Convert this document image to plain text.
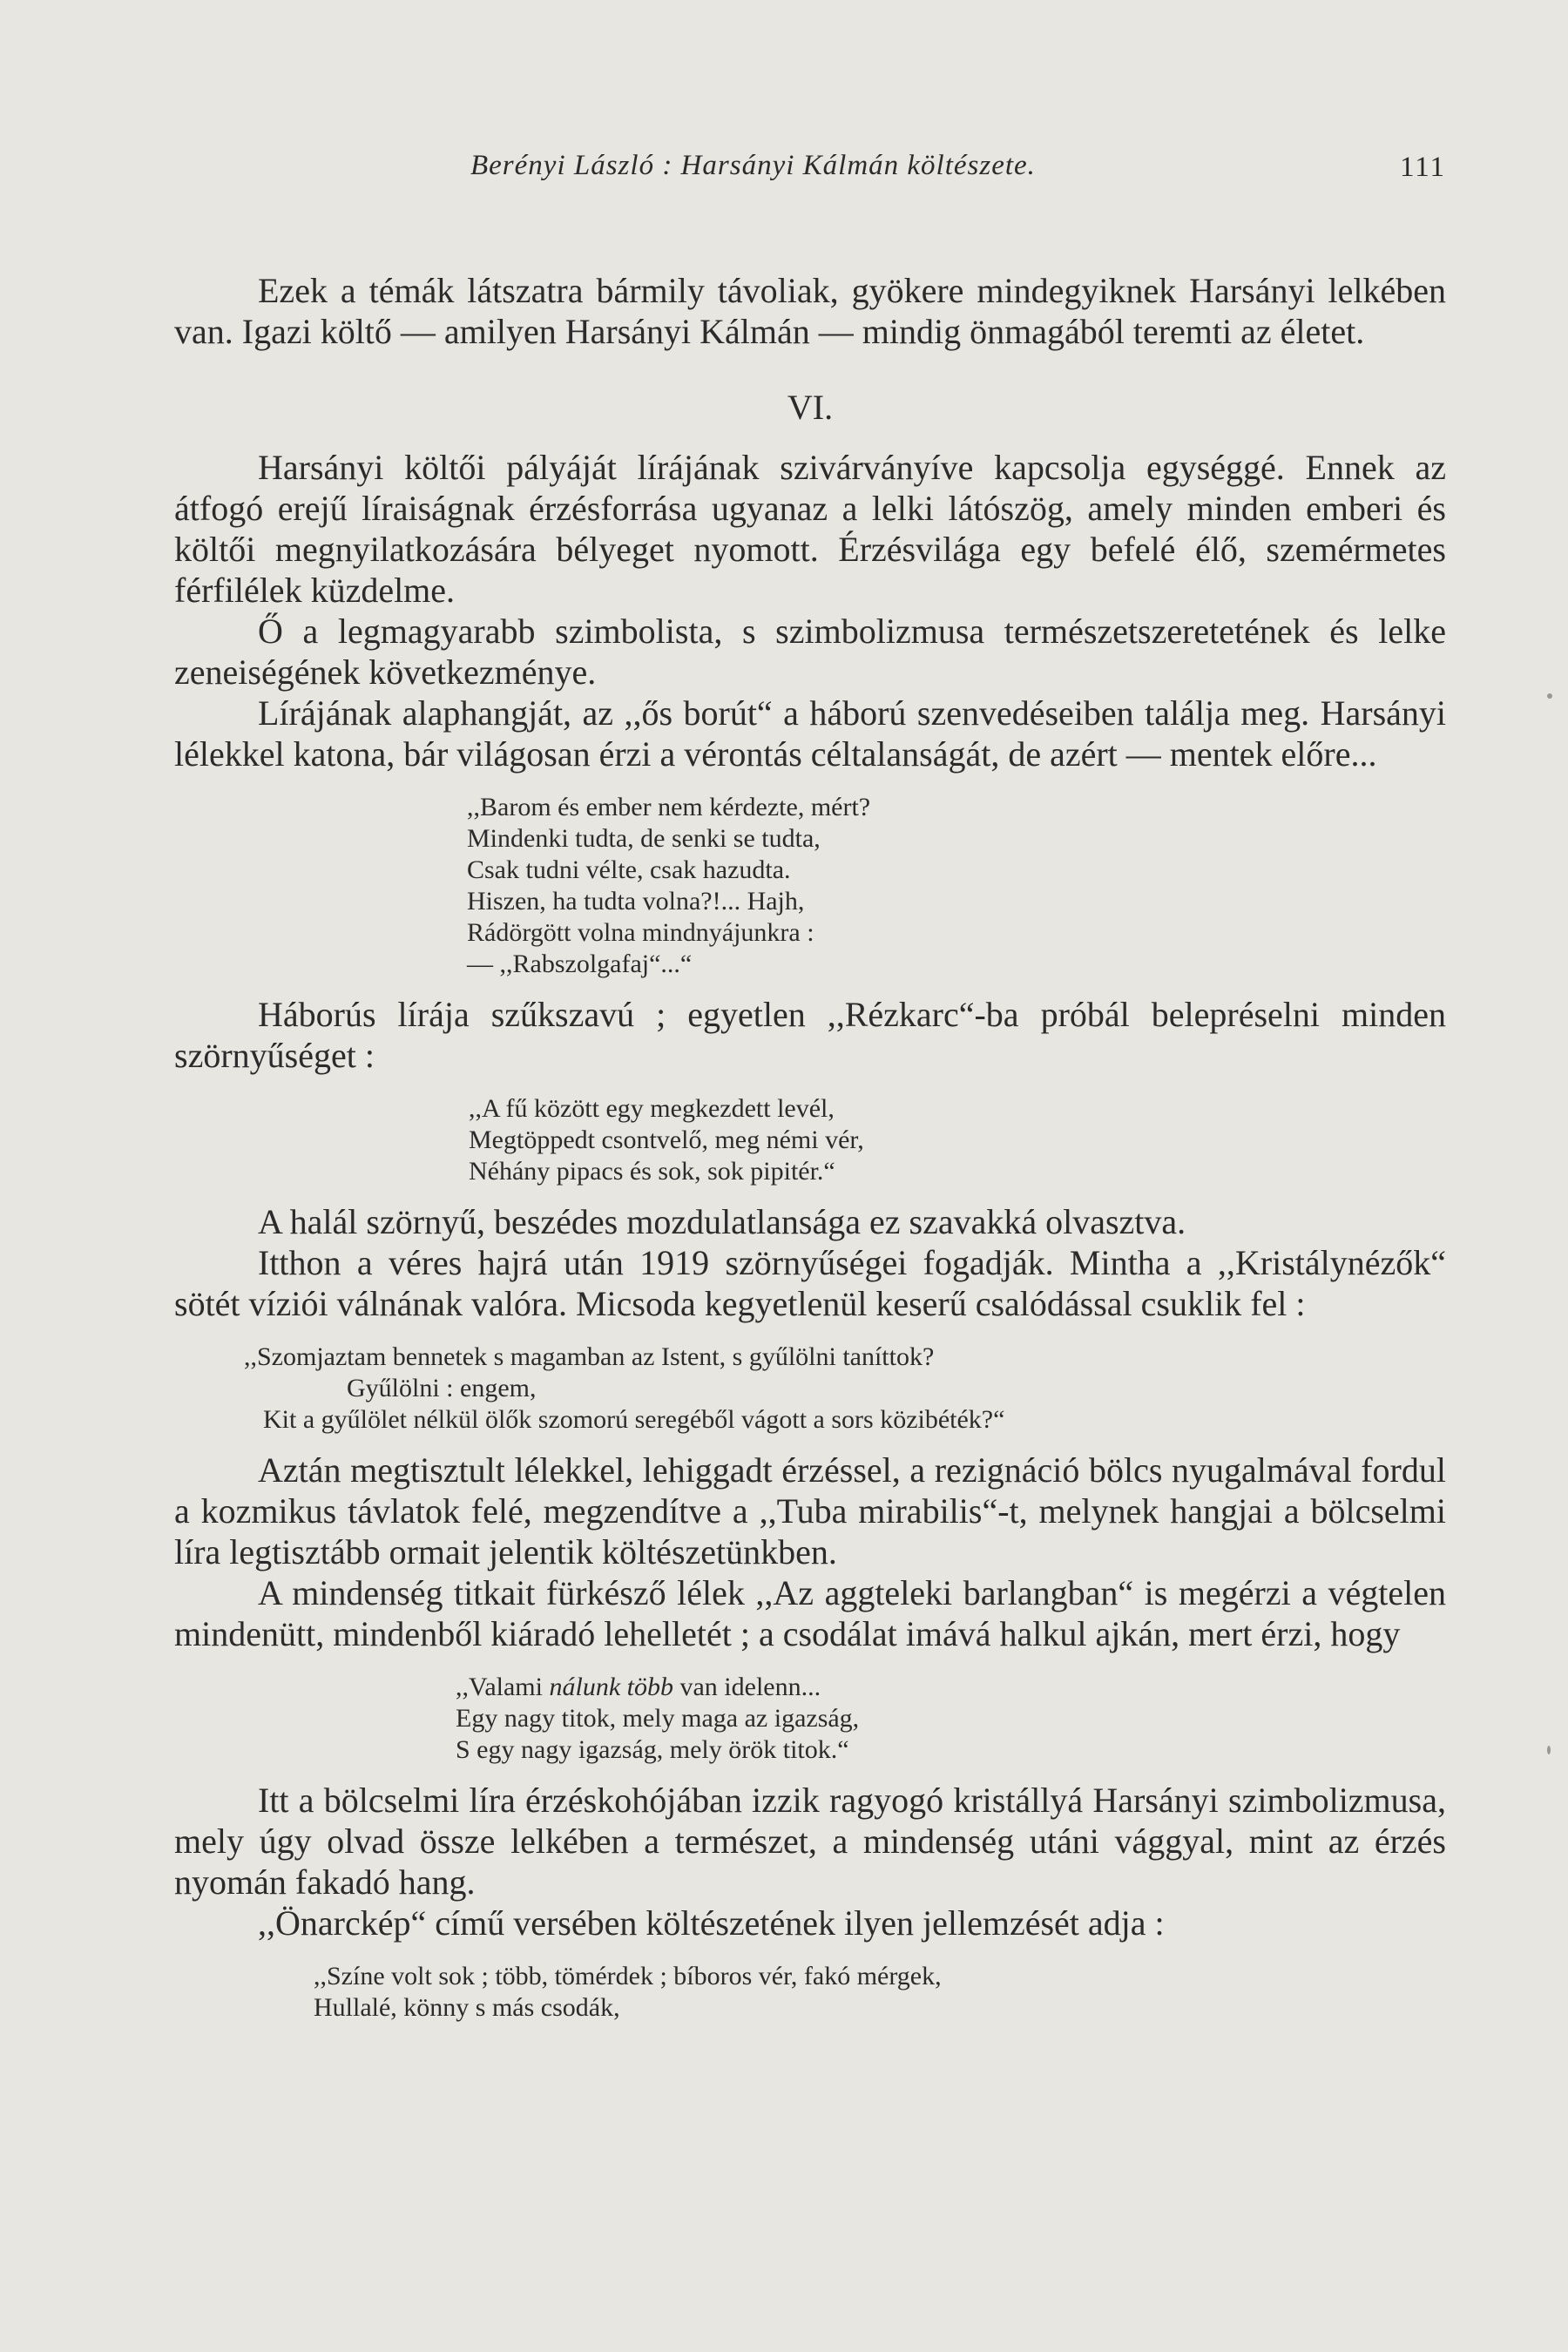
Berényi László : Harsányi Kálmán költészete.	111

Ezek a témák látszatra bármily távoliak, gyökere mindegyiknek Harsányi lelkében van. Igazi költő — amilyen Harsányi Kálmán — mindig önmagából teremti az életet.

VI.

Harsányi költői pályáját lírájának szivárványíve kapcsolja egységgé. Ennek az átfogó erejű líraiságnak érzésforrása ugyanaz a lelki látószög, amely minden emberi és költői megnyilatkozására bélyeget nyomott. Érzésvilága egy befelé élő, szemérmetes férfilélek küzdelme.

Ő a legmagyarabb szimbolista, s szimbolizmusa természetszeretetének és lelke zeneiségének következménye.

Lírájának alaphangját, az ,,ős borút“ a háború szenvedéseiben találja meg. Harsányi lélekkel katona, bár világosan érzi a vérontás céltalanságát, de azért — mentek előre...

,,Barom és ember nem kérdezte, mért?
Mindenki tudta, de senki se tudta,
Csak tudni vélte, csak hazudta.
Hiszen, ha tudta volna?!... Hajh,
Rádörgött volna mindnyájunkra :
— ,,Rabszolgafaj“...“

Háborús lírája szűkszavú ; egyetlen ,,Rézkarc“-ba próbál belepréselni minden szörnyűséget :

,,A fű között egy megkezdett levél,
Megtöppedt csontvelő, meg némi vér,
Néhány pipacs és sok, sok pipitér.“

A halál szörnyű, beszédes mozdulatlansága ez szavakká olvasztva.

Itthon a véres hajrá után 1919 szörnyűségei fogadják. Mintha a ,,Kristálynézők“ sötét víziói válnának valóra. Micsoda kegyetlenül keserű csalódással csuklik fel :

,,Szomjaztam bennetek s magamban az Istent, s gyűlölni taníttok?
Gyűlölni : engem,
Kit a gyűlölet nélkül ölők szomorú seregéből vágott a sors közibéték?“

Aztán megtisztult lélekkel, lehiggadt érzéssel, a rezignáció bölcs nyugalmával fordul a kozmikus távlatok felé, megzendítve a ,,Tuba mirabilis“-t, melynek hangjai a bölcselmi líra legtisztább ormait jelentik költészetünkben.

A mindenség titkait fürkésző lélek ,,Az aggteleki barlangban“ is megérzi a végtelen mindenütt, mindenből kiáradó lehelletét ; a csodálat imává halkul ajkán, mert érzi, hogy

,,Valami nálunk több van idelenn...
Egy nagy titok, mely maga az igazság,
S egy nagy igazság, mely örök titok.“

Itt a bölcselmi líra érzéskohójában izzik ragyogó kristállyá Harsányi szimbolizmusa, mely úgy olvad össze lelkében a természet, a mindenség utáni vággyal, mint az érzés nyomán fakadó hang.

,,Önarckép“ című versében költészetének ilyen jellemzését adja :

,,Színe volt sok ; több, tömérdek ; bíboros vér, fakó mérgek,
Hullalé, könny s más csodák,
